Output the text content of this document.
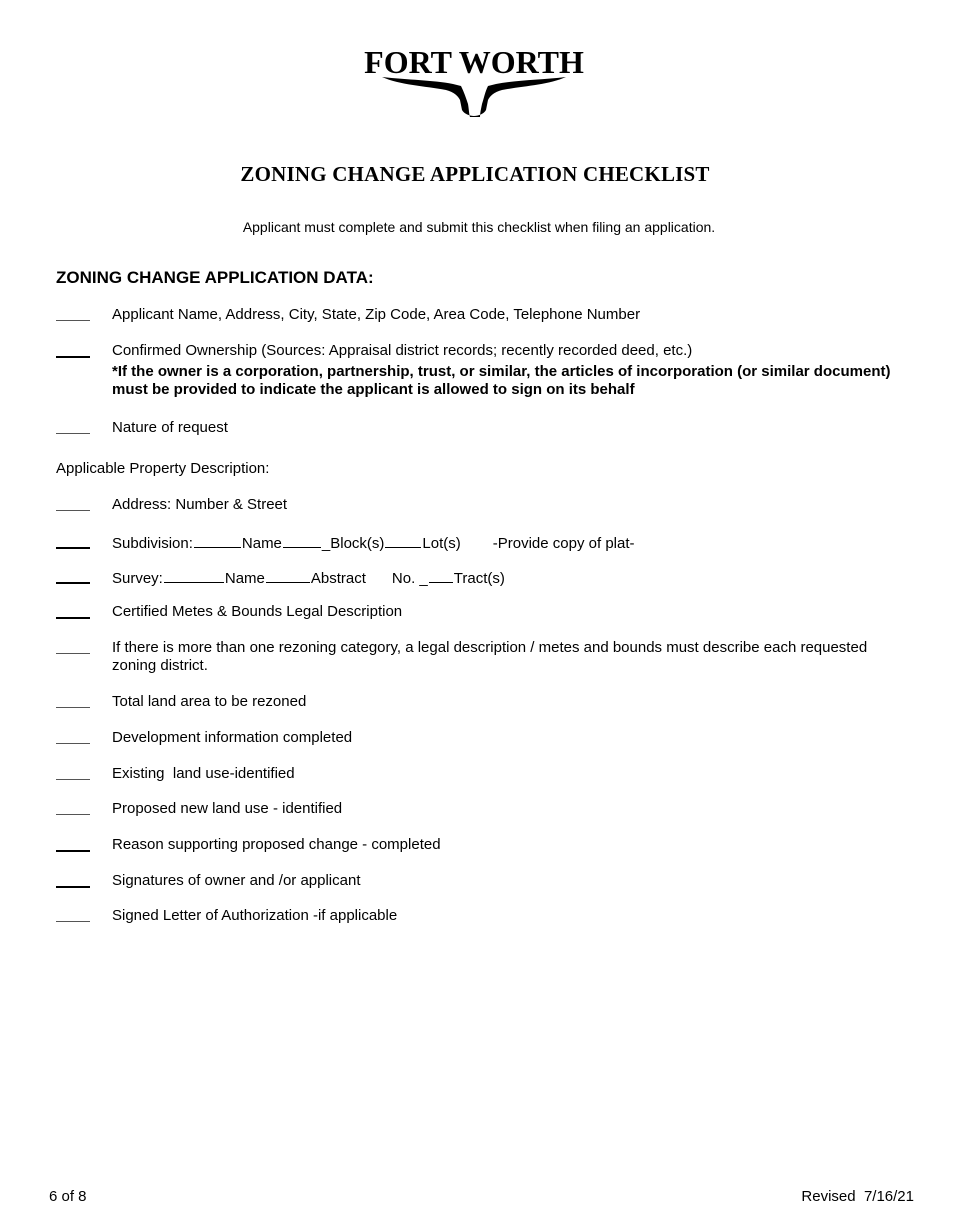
FORT WORTH
ZONING CHANGE APPLICATION CHECKLIST
Applicant must complete and submit this checklist when filing an application.
ZONING CHANGE APPLICATION DATA:
Applicant Name, Address, City, State, Zip Code, Area Code, Telephone Number
Confirmed Ownership (Sources: Appraisal district records; recently recorded deed, etc.)
*If the owner is a corporation, partnership, trust, or similar, the articles of incorporation (or similar document) must be provided to indicate the applicant is allowed to sign on its behalf
Nature of request
Applicable Property Description:
Address: Number & Street
Subdivision:	Name	_Block(s)	Lot(s) -Provide copy of plat-
Survey:	Name	Abstract No. _ Tract(s)
Certified Metes & Bounds Legal Description
If there is more than one rezoning category, a legal description / metes and bounds must describe each requested zoning district.
Total land area to be rezoned
Development information completed
Existing  land use-identified
Proposed new land use - identified
Reason supporting proposed change - completed
Signatures of owner and /or applicant
Signed Letter of Authorization -if applicable
6 of 8	Revised  7/16/21
